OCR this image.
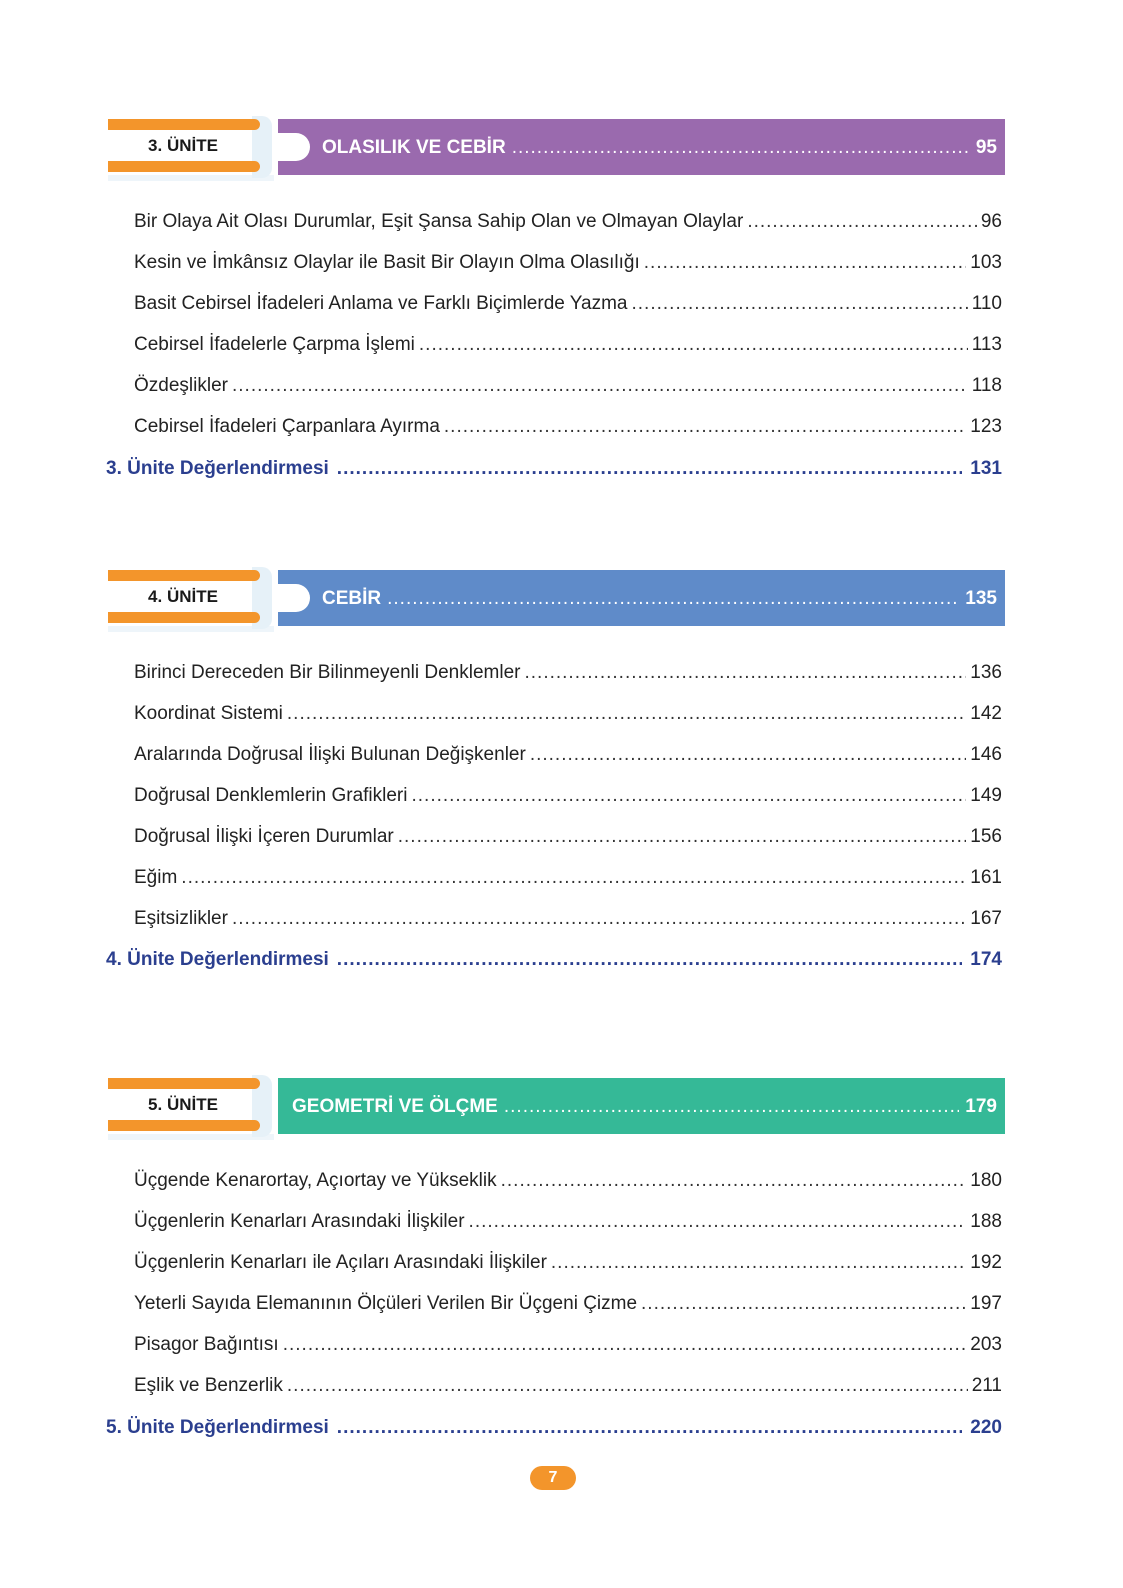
3. ÜNİTE	OLASILIK VE CEBİR .....	95
Bir Olaya Ait Olası Durumlar, Eşit Şansa Sahip Olan ve Olmayan Olaylar .....	96
Kesin ve İmkânsız Olaylar ile Basit Bir Olayın Olma Olasılığı .....	103
Basit Cebirsel İfadeleri Anlama ve Farklı Biçimlerde Yazma .....	110
Cebirsel İfadelerle Çarpma İşlemi .....	113
Özdeşlikler .....	118
Cebirsel İfadeleri Çarpanlara Ayırma .....	123
3. Ünite Değerlendirmesi .....	131
4. ÜNİTE	CEBİR .....	135
Birinci Dereceden Bir Bilinmeyenli Denklemler .....	136
Koordinat Sistemi .....	142
Aralarında Doğrusal İlişki Bulunan Değişkenler .....	146
Doğrusal Denklemlerin Grafikleri .....	149
Doğrusal İlişki İçeren Durumlar .....	156
Eğim .....	161
Eşitsizlikler .....	167
4. Ünite Değerlendirmesi .....	174
5. ÜNİTE	GEOMETRİ VE ÖLÇME .....	179
Üçgende Kenarortay, Açıortay ve Yükseklik .....	180
Üçgenlerin Kenarları Arasındaki İlişkiler .....	188
Üçgenlerin Kenarları ile Açıları Arasındaki İlişkiler .....	192
Yeterli Sayıda Elemanının Ölçüleri Verilen Bir Üçgeni Çizme .....	197
Pisagor Bağıntısı .....	203
Eşlik ve Benzerlik .....	211
5. Ünite Değerlendirmesi .....	220
7
